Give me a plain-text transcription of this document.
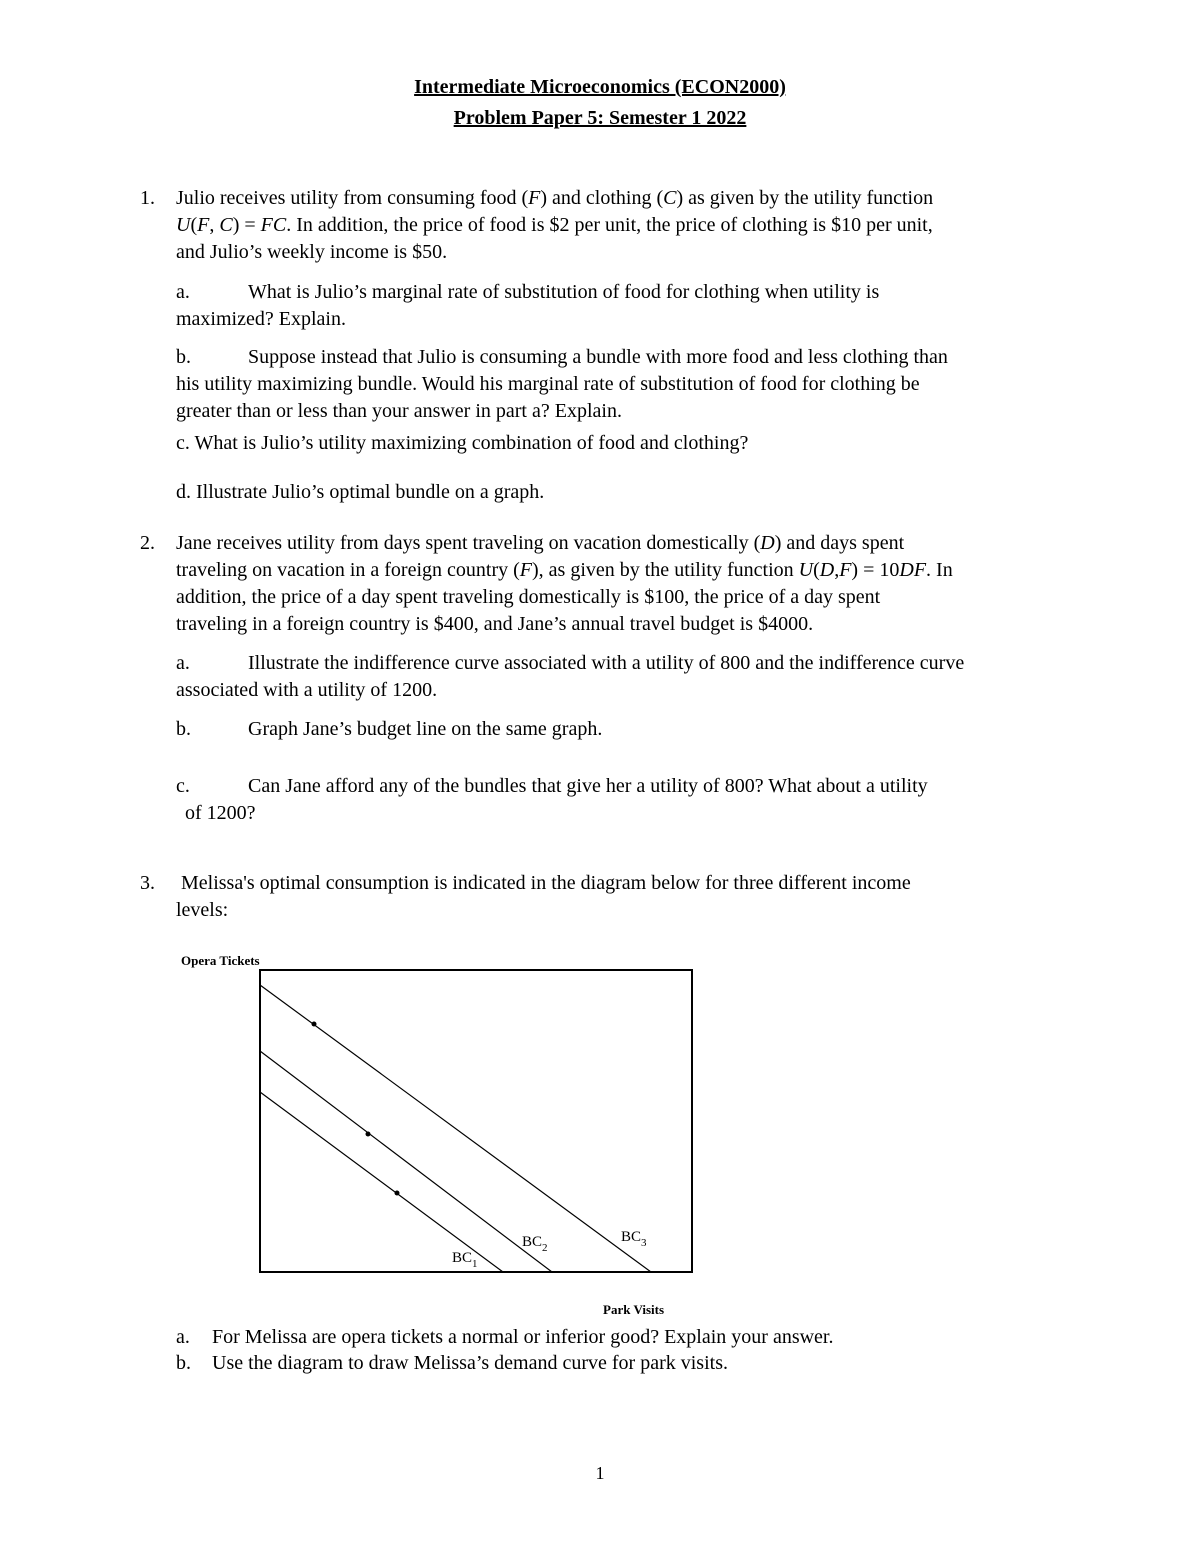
Intermediate Microeconomics (ECON2000)
Problem Paper 5: Semester 1 2022
1. Julio receives utility from consuming food (F) and clothing (C) as given by the utility function
U(F, C) = FC. In addition, the price of food is $2 per unit, the price of clothing is $10 per unit,
and Julio’s weekly income is $50.
a.	What is Julio’s marginal rate of substitution of food for clothing when utility is
maximized? Explain.
b.	Suppose instead that Julio is consuming a bundle with more food and less clothing than
his utility maximizing bundle. Would his marginal rate of substitution of food for clothing be
greater than or less than your answer in part a? Explain.
c. What is Julio’s utility maximizing combination of food and clothing?
d. Illustrate Julio’s optimal bundle on a graph.
2. Jane receives utility from days spent traveling on vacation domestically (D) and days spent
traveling on vacation in a foreign country (F), as given by the utility function U(D,F) = 10DF. In
addition, the price of a day spent traveling domestically is $100, the price of a day spent
traveling in a foreign country is $400, and Jane’s annual travel budget is $4000.
a.	Illustrate the indifference curve associated with a utility of 800 and the indifference curve
associated with a utility of 1200.
b.	Graph Jane’s budget line on the same graph.
c.	Can Jane afford any of the bundles that give her a utility of 800? What about a utility
of 1200?
3. Melissa's optimal consumption is indicated in the diagram below for three different income
levels:
Opera Tickets
$BC_1$
$BC_2$
$BC_3$
Park Visits
a. For Melissa are opera tickets a normal or inferior good? Explain your answer.
b. Use the diagram to draw Melissa’s demand curve for park visits.
1
